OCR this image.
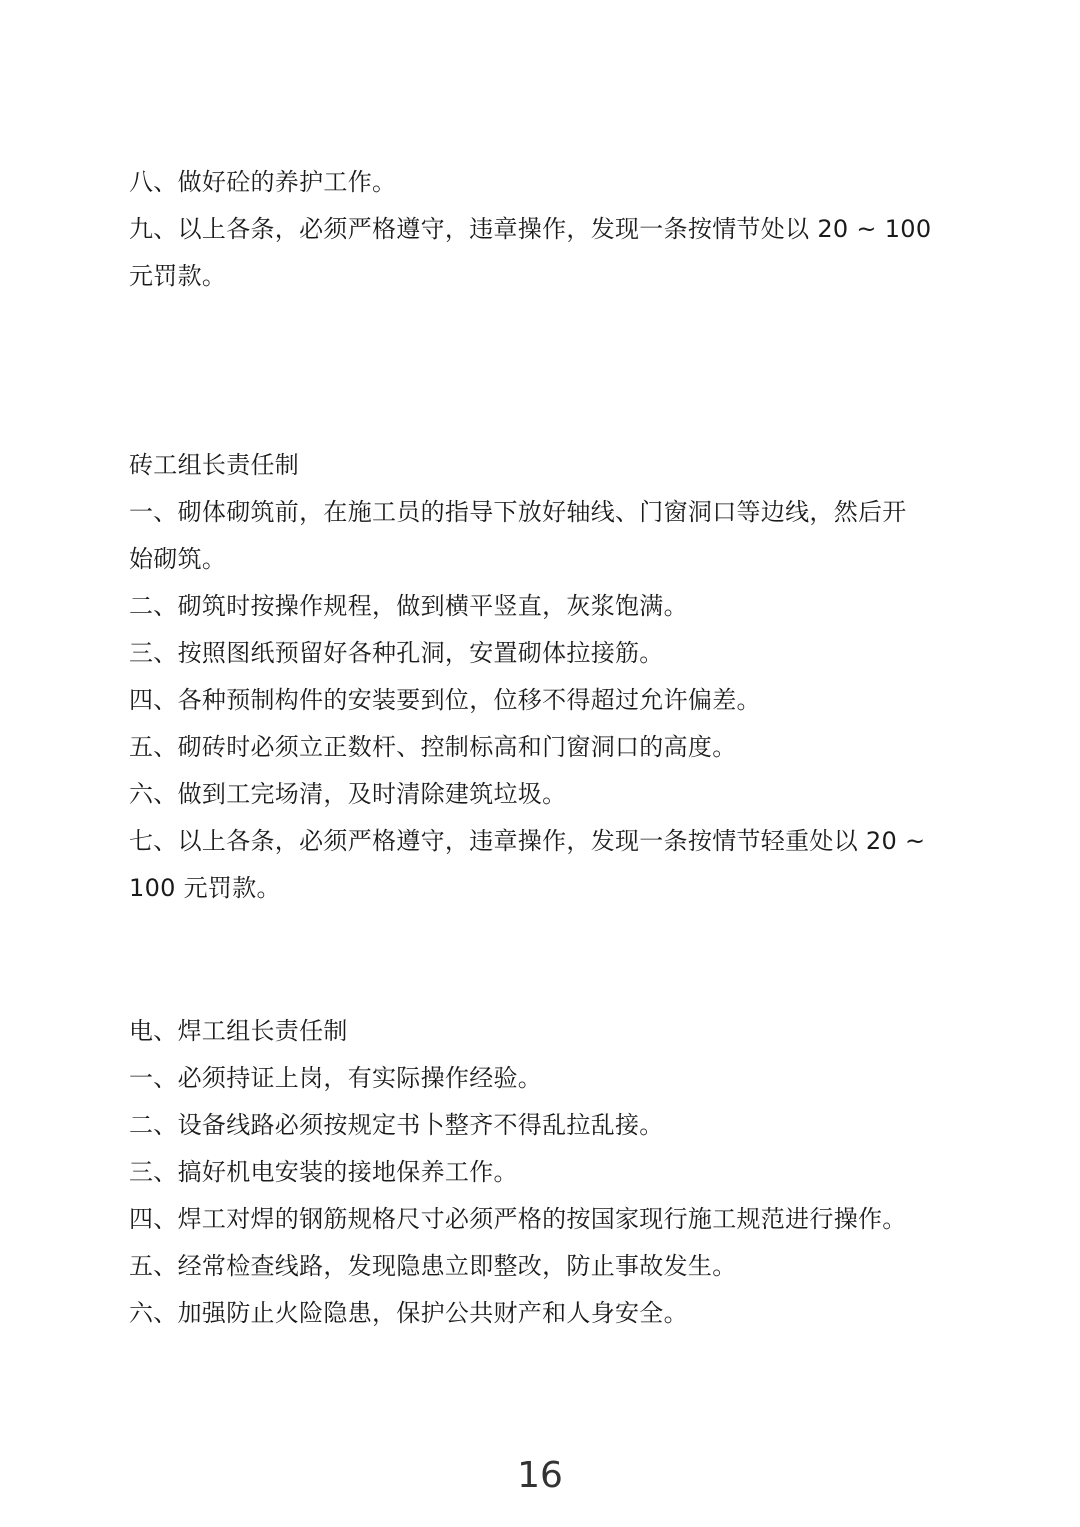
八、做好砼的养护工作。
九、以上各条，必须严格遵守，违章操作，发现一条按情节处以 20 ~ 100
元罚款。
砖工组长责任制
一、砌体砌筑前，在施工员的指导下放好轴线、门窗洞口等边线，然后开
始砌筑。
二、砌筑时按操作规程，做到横平竖直，灰浆饱满。
三、按照图纸预留好各种孔洞，安置砌体拉接筋。
四、各种预制构件的安装要到位，位移不得超过允许偏差。
五、砌砖时必须立正数杆、控制标高和门窗洞口的高度。
六、做到工完场清，及时清除建筑垃圾。
七、以上各条，必须严格遵守，违章操作，发现一条按情节轻重处以 20 ~
100 元罚款。
电、焊工组长责任制
一、必须持证上岗，有实际操作经验。
二、设备线路必须按规定书卜整齐不得乱拉乱接。
三、搞好机电安装的接地保养工作。
四、焊工对焊的钢筋规格尺寸必须严格的按国家现行施工规范进行操作。
五、经常检查线路，发现隐患立即整改，防止事故发生。
六、加强防止火险隐患，保护公共财产和人身安全。
16
